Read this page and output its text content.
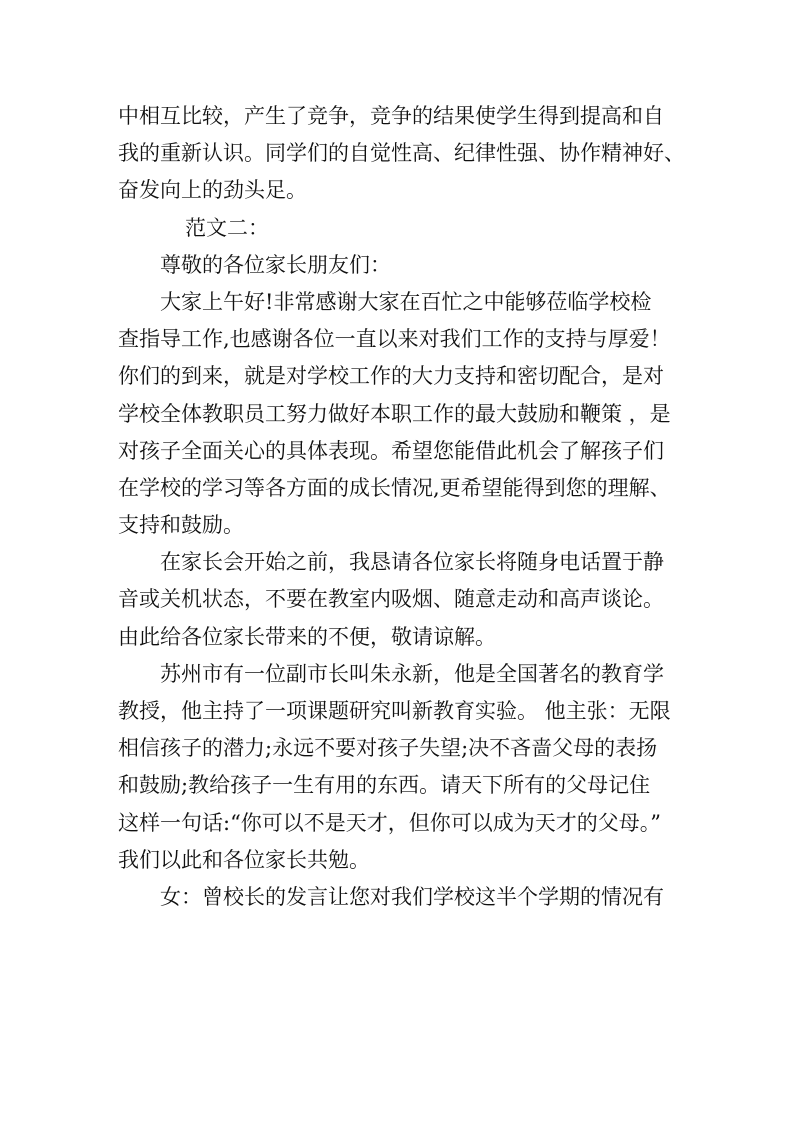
中相互比较，产生了竞争，竞争的结果使学生得到提高和自
我的重新认识。同学们的自觉性高、纪律性强、协作精神好、
奋发向上的劲头足。
范文二：
尊敬的各位家长朋友们：
大家上午好!非常感谢大家在百忙之中能够莅临学校检
查指导工作,也感谢各位一直以来对我们工作的支持与厚爱！
你们的到来，就是对学校工作的大力支持和密切配合，是对
学校全体教职员工努力做好本职工作的最大鼓励和鞭策 ，是
对孩子全面关心的具体表现。希望您能借此机会了解孩子们
在学校的学习等各方面的成长情况,更希望能得到您的理解、
支持和鼓励。
在家长会开始之前，我恳请各位家长将随身电话置于静
音或关机状态，不要在教室内吸烟、随意走动和高声谈论。
由此给各位家长带来的不便，敬请谅解。
苏州市有一位副市长叫朱永新，他是全国著名的教育学
教授，他主持了一项课题研究叫新教育实验。 他主张：无限
相信孩子的潜力;永远不要对孩子失望;决不吝啬父母的表扬
和鼓励;教给孩子一生有用的东西。请天下所有的父母记住
这样一句话:“你可以不是天才，但你可以成为天才的父母。”
我们以此和各位家长共勉。
女：曾校长的发言让您对我们学校这半个学期的情况有
